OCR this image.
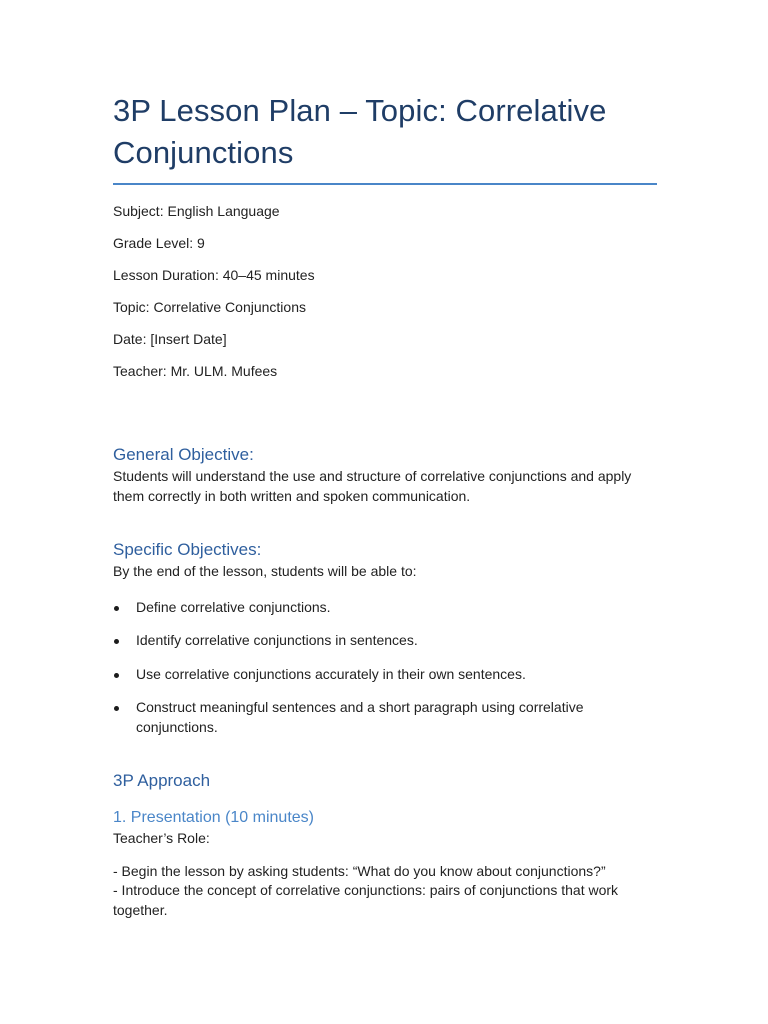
3P Lesson Plan – Topic: Correlative Conjunctions
Subject: English Language
Grade Level: 9
Lesson Duration: 40–45 minutes
Topic: Correlative Conjunctions
Date: [Insert Date]
Teacher: Mr. ULM. Mufees
General Objective:

Students will understand the use and structure of correlative conjunctions and apply them correctly in both written and spoken communication.

Specific Objectives:

By the end of the lesson, students will be able to:

Define correlative conjunctions.
Identify correlative conjunctions in sentences.
Use correlative conjunctions accurately in their own sentences.
Construct meaningful sentences and a short paragraph using correlative conjunctions.
3P Approach
1. Presentation (10 minutes)

Teacher’s Role:

- Begin the lesson by asking students: “What do you know about conjunctions?”
- Introduce the concept of correlative conjunctions: pairs of conjunctions that work together.
